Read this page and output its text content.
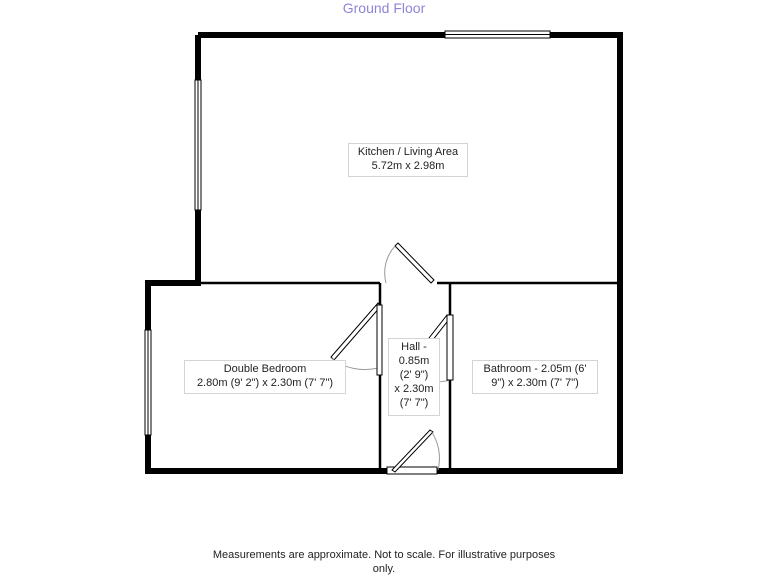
Ground Floor
Kitchen / Living Area
5.72m x 2.98m
Double Bedroom
2.80m (9' 2") x 2.30m (7' 7")
Hall -
0.85m
(2' 9")
x 2.30m
(7' 7")
Bathroom - 2.05m (6'
9") x 2.30m (7' 7")
Measurements are approximate. Not to scale. For illustrative purposes
only.
